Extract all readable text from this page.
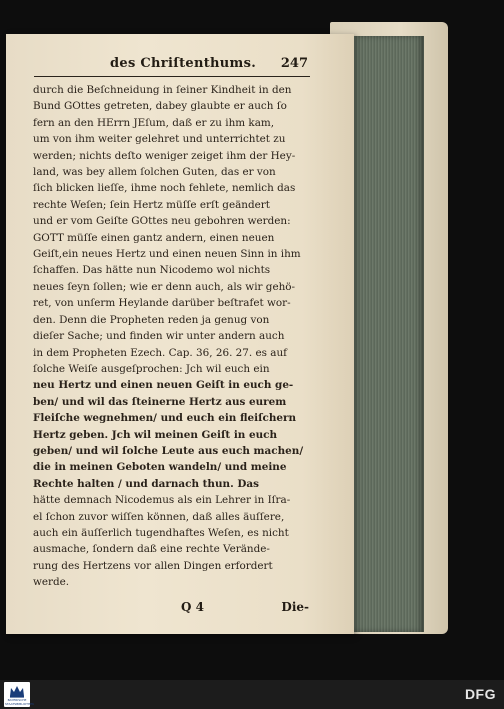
des Chriſtenthums. 247
durch die Beſchneidung in ſeiner Kindheit in den
Bund GOttes getreten, dabey glaubte er auch ſo
fern an den HErrn JEſum, daß er zu ihm kam,
um von ihm weiter gelehret und unterrichtet zu
werden; nichts deſto weniger zeiget ihm der Hey-
land, was bey allem ſolchen Guten, das er von
ſich blicken lieſſe, ihme noch fehlete, nemlich das
rechte Weſen; ſein Hertz müſſe erſt geändert
und er vom Geiſte GOttes neu gebohren werden:
GOTT müſſe einen gantz andern, einen neuen
Geiſt,ein neues Hertz und einen neuen Sinn in ihm
ſchaffen. Das hätte nun Nicodemo wol nichts
neues ſeyn ſollen; wie er denn auch, als wir gehö-
ret, von unſerm Heylande darüber beſtrafet wor-
den. Denn die Propheten reden ja genug von
dieſer Sache; und finden wir unter andern auch
in dem Propheten Ezech. Cap. 36, 26. 27. es auf
ſolche Weiſe ausgeſprochen: Jch wil euch ein
neu Hertz und einen neuen Geiſt in euch ge-
ben/ und wil das ſteinerne Hertz aus eurem
Fleiſche wegnehmen/ und euch ein fleiſchern
Hertz geben. Jch wil meinen Geiſt in euch
geben/ und wil ſolche Leute aus euch machen/
die in meinen Geboten wandeln/ und meine
Rechte halten / und darnach thun. Das
hätte demnach Nicodemus als ein Lehrer in Iſra-
el ſchon zuvor wiſſen können, daß alles äuſſere,
auch ein äuſſerlich tugendhaftes Weſen, es nicht
ausmache, ſondern daß eine rechte Verände-
rung des Hertzens vor allen Dingen erfordert
werde.
Q 4	Die-
BAYERISCHE STAATSBIBLIOTHEK
DFG
